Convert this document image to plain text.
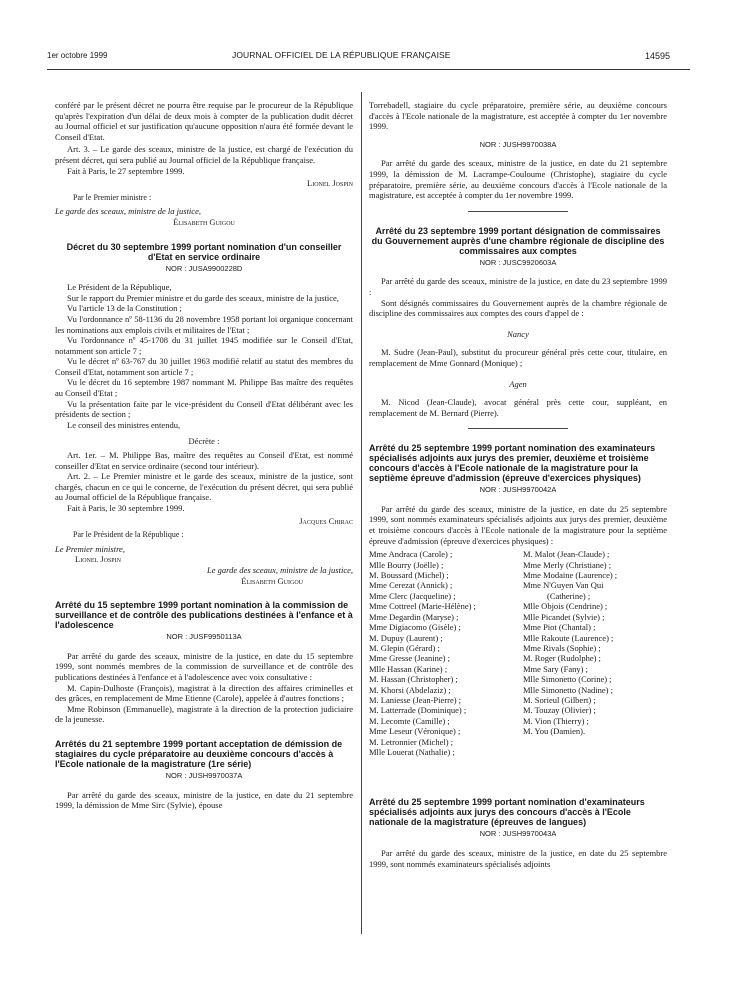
1er octobre 1999	JOURNAL OFFICIEL DE LA RÉPUBLIQUE FRANÇAISE	14595

conféré par le présent décret ne pourra être requise par le procureur de la République qu'après l'expiration d'un délai de deux mois à compter de la publication dudit décret au Journal officiel et sur justification qu'aucune opposition n'aura été formée devant le Conseil d'Etat.

Art. 3. – Le garde des sceaux, ministre de la justice, est chargé de l'exécution du présent décret, qui sera publié au Journal officiel de la République française.

Fait à Paris, le 27 septembre 1999.

Lionel Jospin
Par le Premier ministre :
Le garde des sceaux, ministre de la justice,
Élisabeth Guigou
Décret du 30 septembre 1999 portant nomination d'un conseiller d'Etat en service ordinaire
NOR : JUSA9900228D

Le Président de la République,

Sur le rapport du Premier ministre et du garde des sceaux, ministre de la justice,

Vu l'article 13 de la Constitution ;

Vu l'ordonnance nº 58-1136 du 28 novembre 1958 portant loi organique concernant les nominations aux emplois civils et militaires de l'Etat ;

Vu l'ordonnance nº 45-1708 du 31 juillet 1945 modifiée sur le Conseil d'Etat, notamment son article 7 ;

Vu le décret nº 63-767 du 30 juillet 1963 modifié relatif au statut des membres du Conseil d'Etat, notamment son article 7 ;

Vu le décret du 16 septembre 1987 nommant M. Philippe Bas maître des requêtes au Conseil d'Etat ;

Vu la présentation faite par le vice-président du Conseil d'Etat délibérant avec les présidents de section ;

Le conseil des ministres entendu,

Décrète :

Art. 1er. – M. Philippe Bas, maître des requêtes au Conseil d'Etat, est nommé conseiller d'Etat en service ordinaire (second tour intérieur).

Art. 2. – Le Premier ministre et le garde des sceaux, ministre de la justice, sont chargés, chacun en ce qui le concerne, de l'exécution du présent décret, qui sera publié au Journal officiel de la République française.

Fait à Paris, le 30 septembre 1999.

Jacques Chirac
Par le Président de la République :
Le Premier ministre,
Lionel Jospin
Le garde des sceaux, ministre de la justice,
Élisabeth Guigou
Arrêté du 15 septembre 1999 portant nomination à la commission de surveillance et de contrôle des publications destinées à l'enfance et à l'adolescence
NOR : JUSF9950113A

Par arrêté du garde des sceaux, ministre de la justice, en date du 15 septembre 1999, sont nommés membres de la commission de surveillance et de contrôle des publications destinées à l'enfance et à l'adolescence avec voix consultative :

M. Capin-Dulhoste (François), magistrat à la direction des affaires criminelles et des grâces, en remplacement de Mme Etienne (Carole), appelée à d'autres fonctions ;

Mme Robinson (Emmanuelle), magistrate à la direction de la protection judiciaire de la jeunesse.

Arrêtés du 21 septembre 1999 portant acceptation de démission de stagiaires du cycle préparatoire au deuxième concours d'accès à l'Ecole nationale de la magistrature (1re série)
NOR : JUSH9970037A

Par arrêté du garde des sceaux, ministre de la justice, en date du 21 septembre 1999, la démission de Mme Sirc (Sylvie), épouse

Torrebadell, stagiaire du cycle préparatoire, première série, au deuxième concours d'accès à l'Ecole nationale de la magistrature, est acceptée à compter du 1er novembre 1999.

NOR : JUSH9970038A

Par arrêté du garde des sceaux, ministre de la justice, en date du 21 septembre 1999, la démission de M. Lacrampe-Couloume (Christophe), stagiaire du cycle préparatoire, première série, au deuxième concours d'accès à l'Ecole nationale de la magistrature, est acceptée à compter du 1er novembre 1999.

Arrêté du 23 septembre 1999 portant désignation de commissaires du Gouvernement auprès d'une chambre régionale de discipline des commissaires aux comptes
NOR : JUSC9920603A

Par arrêté du garde des sceaux, ministre de la justice, en date du 23 septembre 1999 :

Sont désignés commissaires du Gouvernement auprès de la chambre régionale de discipline des commissaires aux comptes des cours d'appel de :

Nancy

M. Sudre (Jean-Paul), substitut du procureur général près cette cour, titulaire, en remplacement de Mme Gonnard (Monique) ;

Agen

M. Nicod (Jean-Claude), avocat général près cette cour, suppléant, en remplacement de M. Bernard (Pierre).

Arrêté du 25 septembre 1999 portant nomination des examinateurs spécialisés adjoints aux jurys des premier, deuxième et troisième concours d'accès à l'Ecole nationale de la magistrature pour la septième épreuve d'admission (épreuve d'exercices physiques)
NOR : JUSH9970042A

Par arrêté du garde des sceaux, ministre de la justice, en date du 25 septembre 1999, sont nommés examinateurs spécialisés adjoints aux jurys des premier, deuxième et troisième concours d'accès à l'Ecole nationale de la magistrature pour la septième épreuve d'admission (épreuve d'exercices physiques) :

Mme Andraca (Carole) ;
Mlle Bourry (Joëlle) ;
M. Boussard (Michel) ;
Mme Cerezat (Annick) ;
Mme Clerc (Jacqueline) ;
Mme Cottreel (Marie-Hélène) ;
Mme Degardin (Maryse) ;
Mme Digiacomo (Gisèle) ;
M. Dupuy (Laurent) ;
M. Glepin (Gérard) ;
Mme Gresse (Jeanine) ;
Mlle Hassan (Karine) ;
M. Hassan (Christopher) ;
M. Khorsi (Abdelaziz) ;
M. Laniesse (Jean-Pierre) ;
M. Latterrade (Dominique) ;
M. Lecomte (Camille) ;
Mme Leseur (Véronique) ;
M. Letronnier (Michel) ;
Mlle Louerat (Nathalie) ;
M. Malot (Jean-Claude) ;
Mme Merly (Christiane) ;
Mme Modaine (Laurence) ;
Mme N'Guyen Van Qui
(Catherine) ;
Mlle Objois (Cendrine) ;
Mlle Picandet (Sylvie) ;
Mme Piot (Chantal) ;
Mlle Rakoute (Laurence) ;
Mme Rivals (Sophie) ;
M. Roger (Rudolphe) ;
Mme Sary (Fany) ;
Mlle Simonetto (Corine) ;
Mlle Simonetto (Nadine) ;
M. Sorieul (Gilbert) ;
M. Touzay (Olivier) ;
M. Vion (Thierry) ;
M. You (Damien).
Arrêté du 25 septembre 1999 portant nomination d'examinateurs spécialisés adjoints aux jurys des concours d'accès à l'Ecole nationale de la magistrature (épreuves de langues)
NOR : JUSH9970043A

Par arrêté du garde des sceaux, ministre de la justice, en date du 25 septembre 1999, sont nommés examinateurs spécialisés adjoints
